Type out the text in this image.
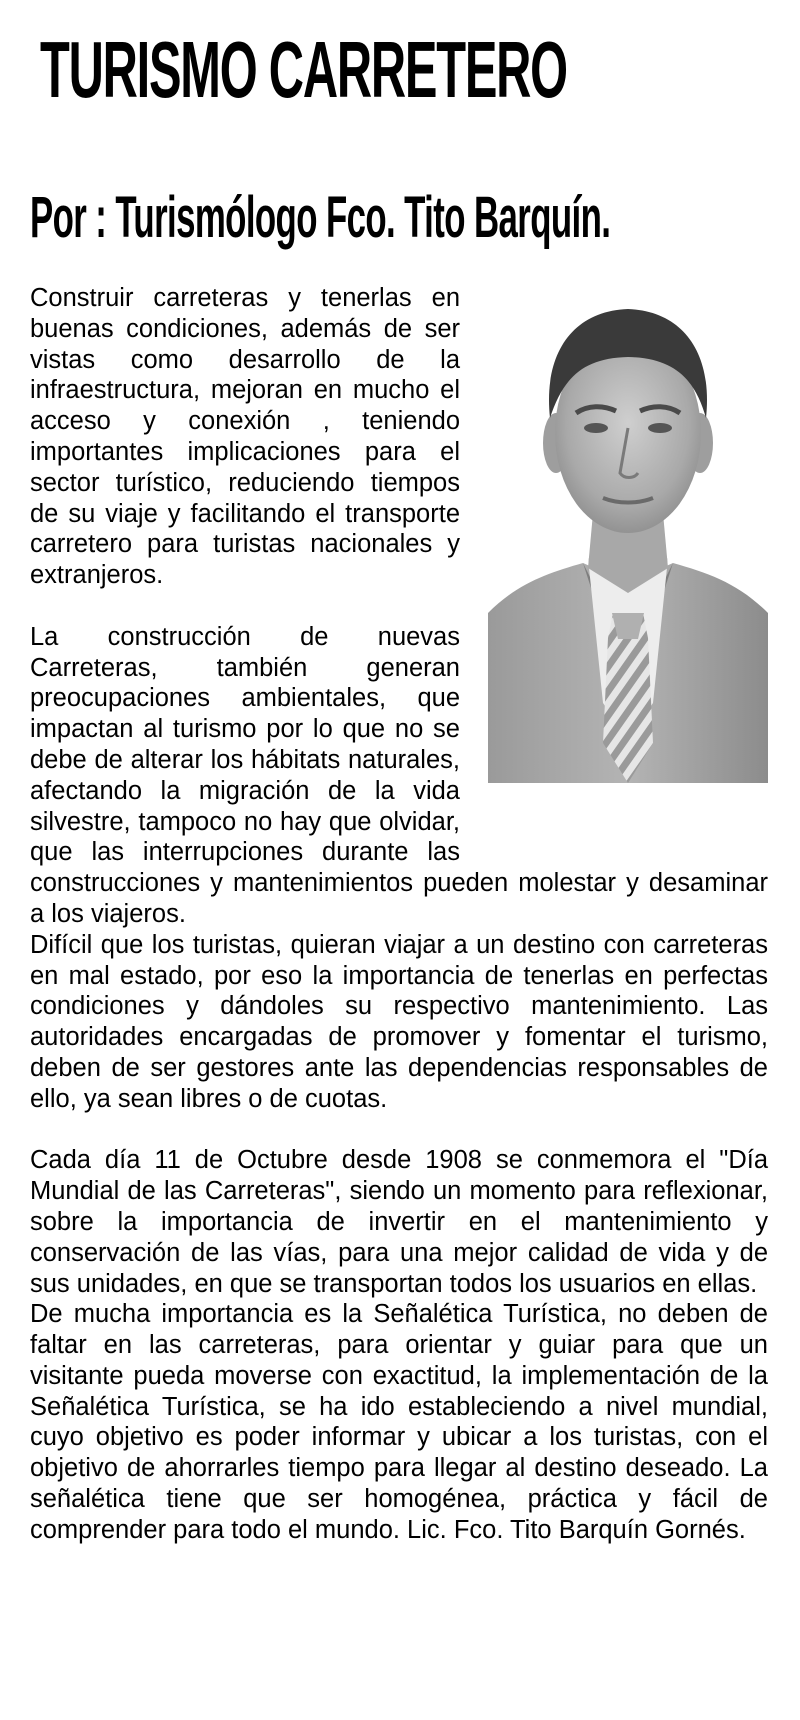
TURISMO CARRETERO
Por : Turismólogo Fco. Tito Barquín.

Construir carreteras y tenerlas en buenas condiciones, además de ser vistas como desarrollo de la infraestructura, mejoran en mucho el acceso y conexión , teniendo importantes implicaciones para el sector turístico, reduciendo tiempos de su viaje y facilitando el transporte carretero para turistas nacionales y extranjeros.

La construcción de nuevas Carreteras, también generan preocupaciones ambientales, que impactan al turismo por lo que no se debe de alterar los hábitats naturales, afectando la migración de la vida silvestre, tampoco no hay que olvidar, que las interrupciones durante las construcciones y mantenimientos pueden molestar y desaminar a los viajeros.

Difícil que los turistas, quieran viajar a un destino con carreteras en mal estado, por eso la importancia de tenerlas en perfectas condiciones y dándoles su respectivo mantenimiento. Las autoridades encargadas de promover y fomentar el turismo, deben de ser gestores ante las dependencias responsables de ello, ya sean libres o de cuotas.

Cada día 11 de Octubre desde 1908 se conmemora el "Día Mundial de las Carreteras", siendo un momento para reflexionar, sobre la importancia de invertir en el mantenimiento y conservación de las vías, para una mejor calidad de vida y de sus unidades, en que se transportan todos los usuarios en ellas.

De mucha importancia es la Señalética Turística, no deben de faltar en las carreteras, para orientar y guiar para que un visitante pueda moverse con exactitud, la implementación de la Señalética Turística, se ha ido estableciendo a nivel mundial, cuyo objetivo es poder informar y ubicar a los turistas, con el objetivo de ahorrarles tiempo para llegar al destino deseado. La señalética tiene que ser homogénea, práctica y fácil de comprender para todo el mundo. Lic. Fco. Tito Barquín Gornés.
